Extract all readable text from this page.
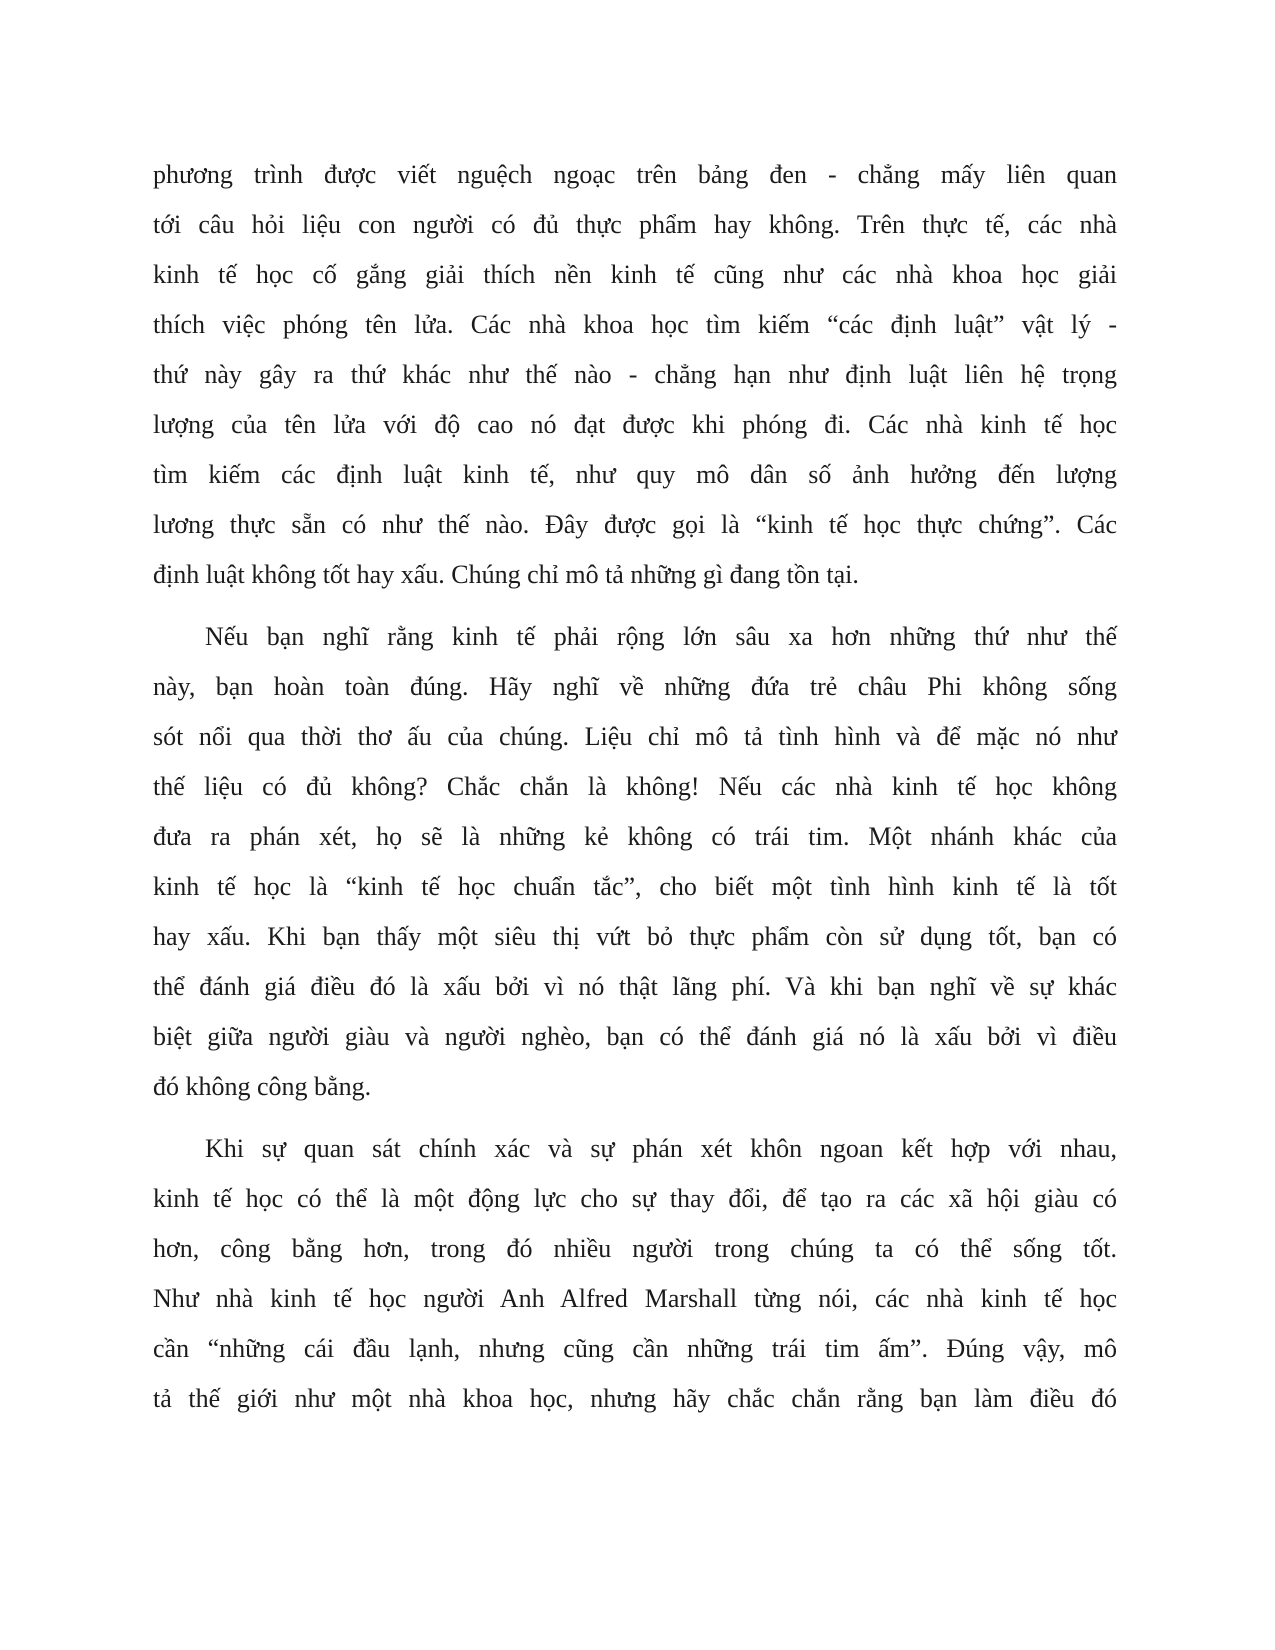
phương trình được viết nguệch ngoạc trên bảng đen - chẳng mấy liên quan
tới câu hỏi liệu con người có đủ thực phẩm hay không. Trên thực tế, các nhà
kinh tế học cố gắng giải thích nền kinh tế cũng như các nhà khoa học giải
thích việc phóng tên lửa. Các nhà khoa học tìm kiếm “các định luật” vật lý -
thứ này gây ra thứ khác như thế nào - chẳng hạn như định luật liên hệ trọng
lượng của tên lửa với độ cao nó đạt được khi phóng đi. Các nhà kinh tế học
tìm kiếm các định luật kinh tế, như quy mô dân số ảnh hưởng đến lượng
lương thực sẵn có như thế nào. Đây được gọi là “kinh tế học thực chứng”. Các
định luật không tốt hay xấu. Chúng chỉ mô tả những gì đang tồn tại.
Nếu bạn nghĩ rằng kinh tế phải rộng lớn sâu xa hơn những thứ như thế
này, bạn hoàn toàn đúng. Hãy nghĩ về những đứa trẻ châu Phi không sống
sót nổi qua thời thơ ấu của chúng. Liệu chỉ mô tả tình hình và để mặc nó như
thế liệu có đủ không? Chắc chắn là không! Nếu các nhà kinh tế học không
đưa ra phán xét, họ sẽ là những kẻ không có trái tim. Một nhánh khác của
kinh tế học là “kinh tế học chuẩn tắc”, cho biết một tình hình kinh tế là tốt
hay xấu. Khi bạn thấy một siêu thị vứt bỏ thực phẩm còn sử dụng tốt, bạn có
thể đánh giá điều đó là xấu bởi vì nó thật lãng phí. Và khi bạn nghĩ về sự khác
biệt giữa người giàu và người nghèo, bạn có thể đánh giá nó là xấu bởi vì điều
đó không công bằng.
Khi sự quan sát chính xác và sự phán xét khôn ngoan kết hợp với nhau,
kinh tế học có thể là một động lực cho sự thay đổi, để tạo ra các xã hội giàu có
hơn, công bằng hơn, trong đó nhiều người trong chúng ta có thể sống tốt.
Như nhà kinh tế học người Anh Alfred Marshall từng nói, các nhà kinh tế học
cần “những cái đầu lạnh, nhưng cũng cần những trái tim ấm”. Đúng vậy, mô
tả thế giới như một nhà khoa học, nhưng hãy chắc chắn rằng bạn làm điều đó
